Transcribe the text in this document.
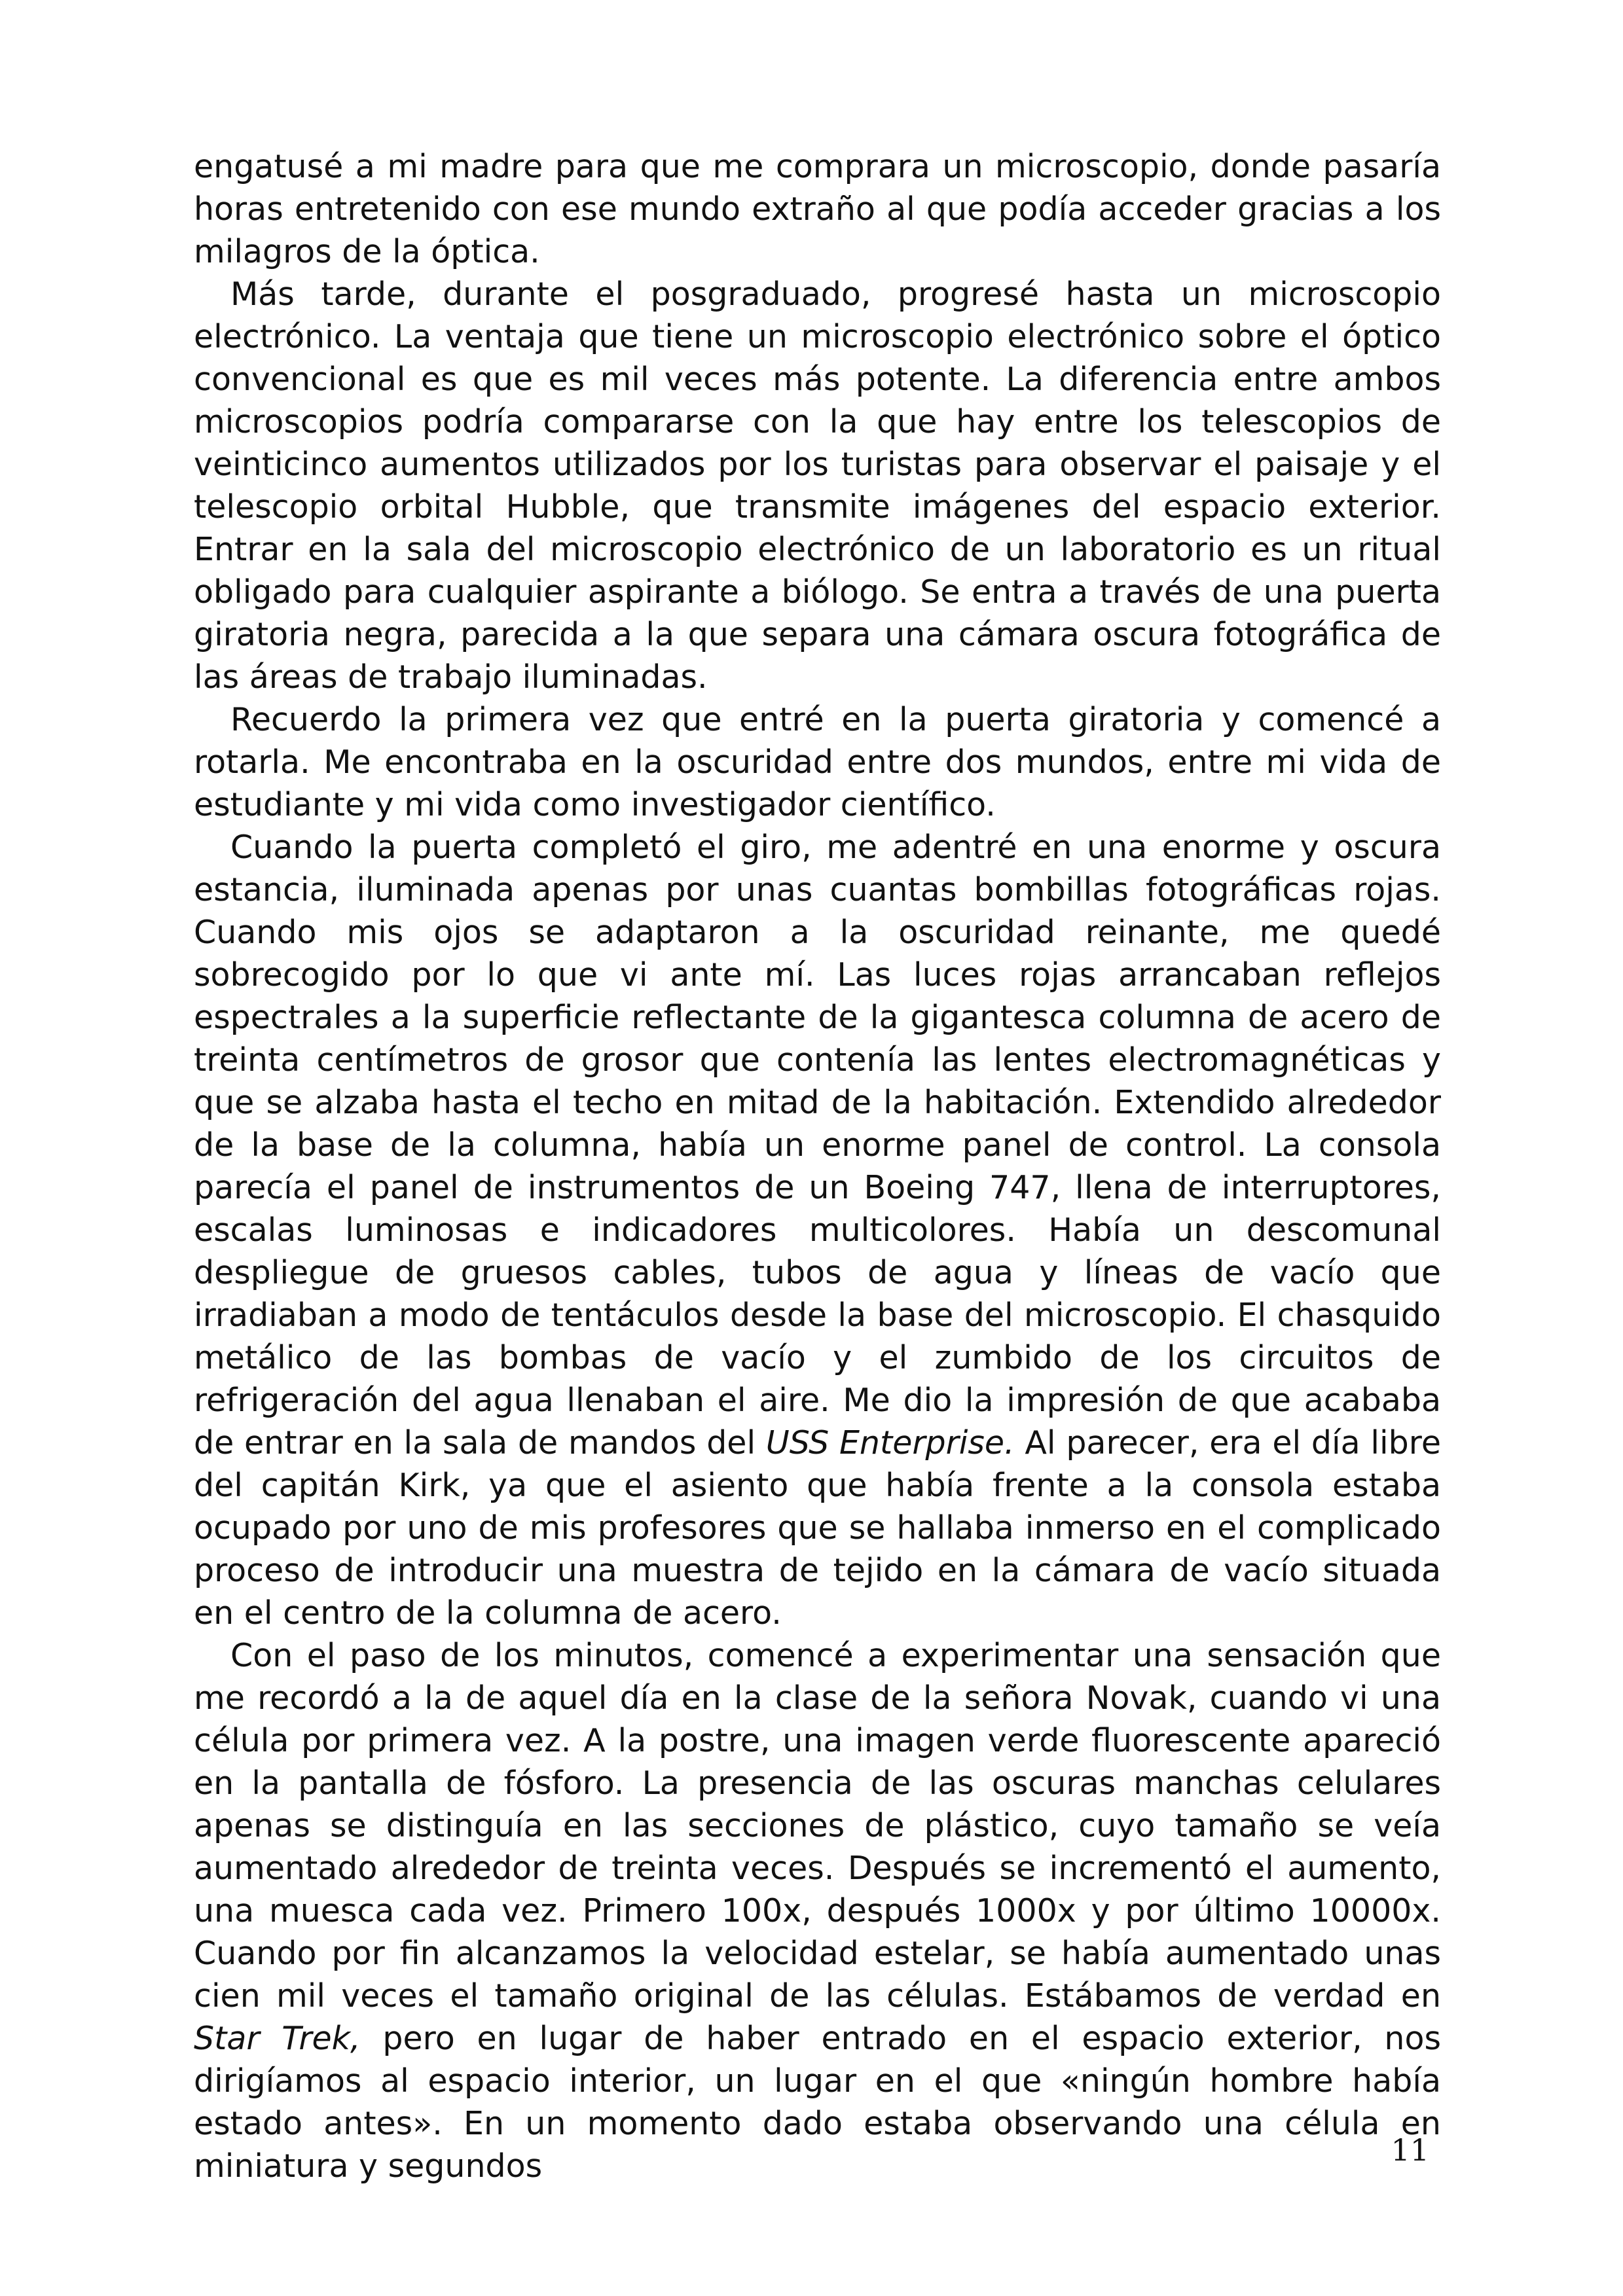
engatusé a mi madre para que me comprara un microscopio, donde pasaría horas entretenido con ese mundo extraño al que podía acceder gracias a los milagros de la óptica.

Más tarde, durante el posgraduado, progresé hasta un microscopio electrónico. La ventaja que tiene un microscopio electrónico sobre el óptico convencional es que es mil veces más potente. La diferencia entre ambos microscopios podría compararse con la que hay entre los telescopios de veinticinco aumentos utilizados por los turistas para observar el paisaje y el telescopio orbital Hubble, que transmite imágenes del espacio exterior. Entrar en la sala del microscopio electrónico de un laboratorio es un ritual obligado para cualquier aspirante a biólogo. Se entra a través de una puerta giratoria negra, parecida a la que separa una cámara oscura fotográfica de las áreas de trabajo iluminadas.

Recuerdo la primera vez que entré en la puerta giratoria y comencé a rotarla. Me encontraba en la oscuridad entre dos mundos, entre mi vida de estudiante y mi vida como investigador científico.

Cuando la puerta completó el giro, me adentré en una enorme y oscura estancia, iluminada apenas por unas cuantas bombillas fotográficas rojas. Cuando mis ojos se adaptaron a la oscuridad reinante, me quedé sobrecogido por lo que vi ante mí. Las luces rojas arrancaban reflejos espectrales a la superficie reflectante de la gigantesca columna de acero de treinta centímetros de grosor que contenía las lentes electromagnéticas y que se alzaba hasta el techo en mitad de la habitación. Extendido alrededor de la base de la columna, había un enorme panel de control. La consola parecía el panel de instrumentos de un Boeing 747, llena de interruptores, escalas luminosas e indicadores multicolores. Había un descomunal despliegue de gruesos cables, tubos de agua y líneas de vacío que irradiaban a modo de tentáculos desde la base del microscopio. El chasquido metálico de las bombas de vacío y el zumbido de los circuitos de refrigeración del agua llenaban el aire. Me dio la impresión de que acababa de entrar en la sala de mandos del USS Enterprise. Al parecer, era el día libre del capitán Kirk, ya que el asiento que había frente a la consola estaba ocupado por uno de mis profesores que se hallaba inmerso en el complicado proceso de introducir una muestra de tejido en la cámara de vacío situada en el centro de la columna de acero.

Con el paso de los minutos, comencé a experimentar una sensación que me recordó a la de aquel día en la clase de la señora Novak, cuando vi una célula por primera vez. A la postre, una imagen verde fluorescente apareció en la pantalla de fósforo. La presencia de las oscuras manchas celulares apenas se distinguía en las secciones de plástico, cuyo tamaño se veía aumentado alrededor de treinta veces. Después se incrementó el aumento, una muesca cada vez. Primero 100x, después 1000x y por último 10000x. Cuando por fin alcanzamos la velocidad estelar, se había aumentado unas cien mil veces el tamaño original de las células. Estábamos de verdad en Star Trek, pero en lugar de haber entrado en el espacio exterior, nos dirigíamos al espacio interior, un lugar en el que «ningún hombre había estado antes». En un momento dado estaba observando una célula en miniatura y segundos	11
